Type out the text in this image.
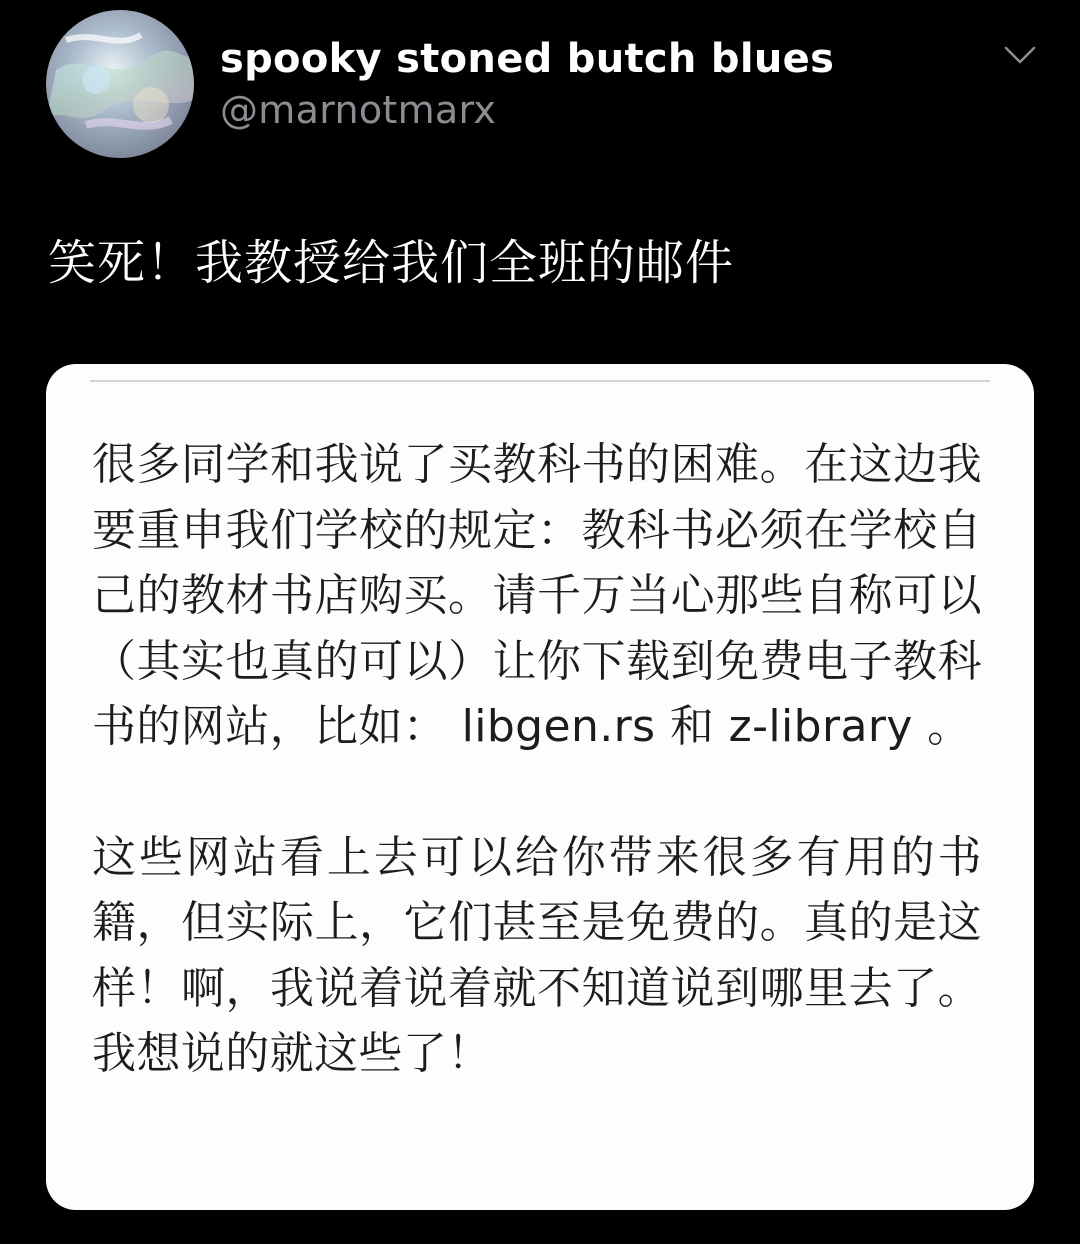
spooky stoned butch blues
@marnotmarx
笑死！我教授给我们全班的邮件

很多同学和我说了买教科书的困难。在这边我要重申我们学校的规定：教科书必须在学校自己的教材书店购买。请千万当心那些自称可以（其实也真的可以）让你下载到免费电子教科书的网站，比如： libgen.rs 和 z-library 。

这些网站看上去可以给你带来很多有用的书籍，但实际上，它们甚至是免费的。真的是这样！啊，我说着说着就不知道说到哪里去了。我想说的就这些了！
